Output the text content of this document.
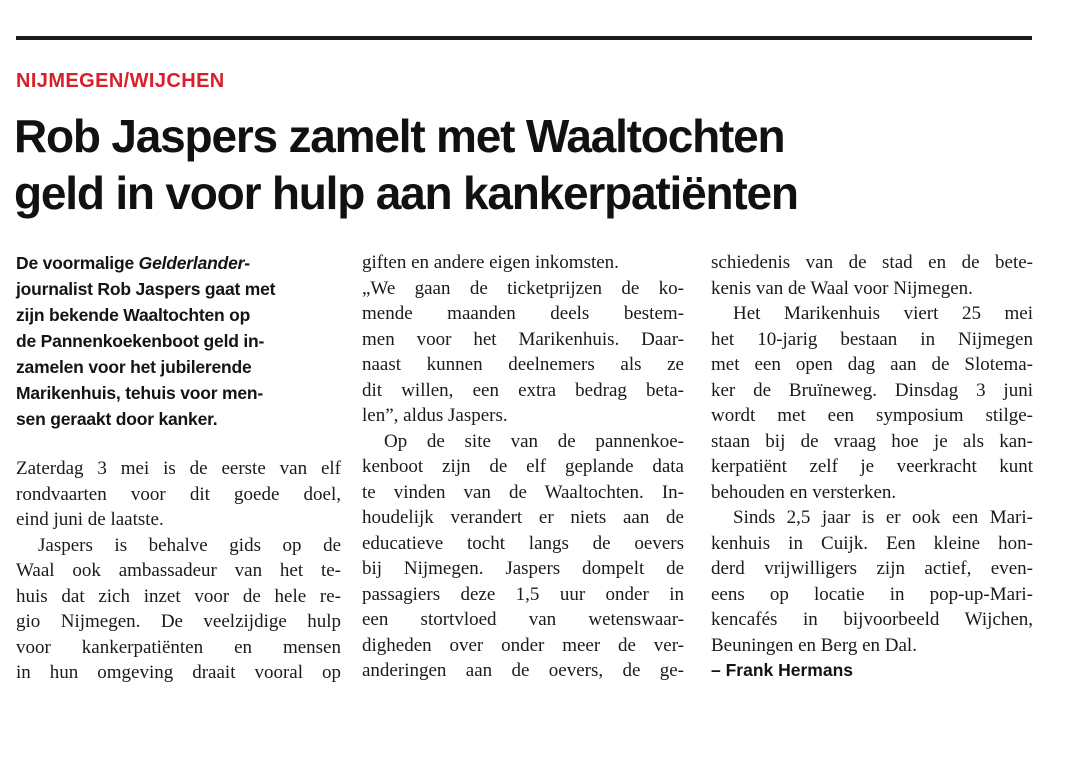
NIJMEGEN/WIJCHEN
Rob Jaspers zamelt met Waaltochten
geld in voor hulp aan kankerpatiënten
De voormalige Gelderlander-
journalist Rob Jaspers gaat met
zijn bekende Waaltochten op
de Pannenkoekenboot geld in-
zamelen voor het jubilerende
Marikenhuis, tehuis voor men-
sen geraakt door kanker.
Zaterdag 3 mei is de eerste van elf
rondvaarten voor dit goede doel,
eind juni de laatste.
Jaspers is behalve gids op de
Waal ook ambassadeur van het te-
huis dat zich inzet voor de hele re-
gio Nijmegen. De veelzijdige hulp
voor kankerpatiënten en mensen
in hun omgeving draait vooral op
giften en andere eigen inkomsten.
„We gaan de ticketprijzen de ko-
mende maanden deels bestem-
men voor het Marikenhuis. Daar-
naast kunnen deelnemers als ze
dit willen, een extra bedrag beta-
len”, aldus Jaspers.
Op de site van de pannenkoe-
kenboot zijn de elf geplande data
te vinden van de Waaltochten. In-
houdelijk verandert er niets aan de
educatieve tocht langs de oevers
bij Nijmegen. Jaspers dompelt de
passagiers deze 1,5 uur onder in
een stortvloed van wetenswaar-
digheden over onder meer de ver-
anderingen aan de oevers, de ge-
schiedenis van de stad en de bete-
kenis van de Waal voor Nijmegen.
Het Marikenhuis viert 25 mei
het 10-jarig bestaan in Nijmegen
met een open dag aan de Slotema-
ker de Bruïneweg. Dinsdag 3 juni
wordt met een symposium stilge-
staan bij de vraag hoe je als kan-
kerpatiënt zelf je veerkracht kunt
behouden en versterken.
Sinds 2,5 jaar is er ook een Mari-
kenhuis in Cuijk. Een kleine hon-
derd vrijwilligers zijn actief, even-
eens op locatie in pop-up-Mari-
kencafés in bijvoorbeeld Wijchen,
Beuningen en Berg en Dal.
– Frank Hermans
